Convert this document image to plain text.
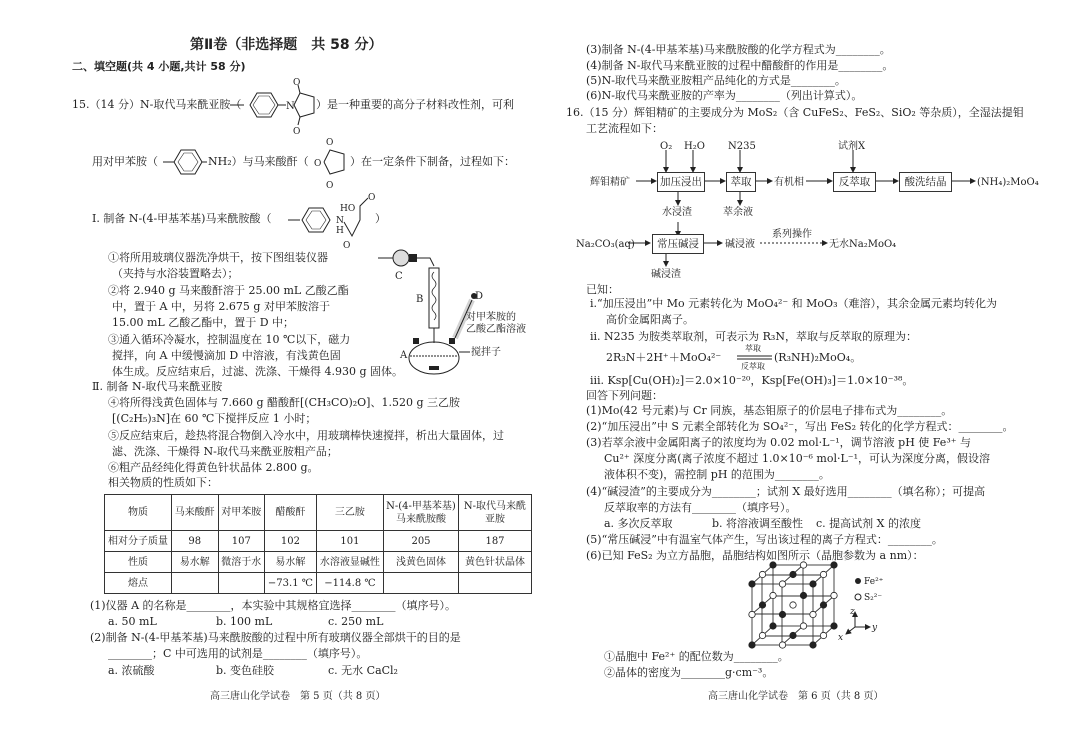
第Ⅱ卷（非选择题　共 58 分）
二、填空题(共 4 小题,共计 58 分)
15.（14 分）N-取代马来酰亚胺（	N
O
O
）是一种重要的高分子材料改性剂，可利
用对甲苯胺（	O
O
O
NH₂）与马来酸酐（	）在一定条件下制备，过程如下：
Ⅰ. 制备 N-(4-甲基苯基)马来酰胺酸（	N
H
HO
O
O
）
①将所用玻璃仪器洗净烘干，按下图组装仪器
（夹持与水浴装置略去）；
②将 2.940 g 马来酸酐溶于 25.00 mL 乙酸乙酯
中，置于 A 中，另将 2.675 g 对甲苯胺溶于
15.00 mL 乙酸乙酯中，置于 D 中；
③通入循环冷凝水，控制温度在 10 ℃以下，磁力
搅拌，向 A 中缓慢滴加 D 中溶液，有浅黄色固
体生成。反应结束后，过滤、洗涤、干燥得 4.930 g 固体。
C
B	D
对甲苯胺的
乙酸乙酯溶液
A	搅拌子
Ⅱ. 制备 N-取代马来酰亚胺
④将所得浅黄色固体与 7.660 g 醋酸酐[(CH₃CO)₂O]、1.520 g 三乙胺
[(C₂H₅)₃N]在 60 ℃下搅拌反应 1 小时；
⑤反应结束后，趁热将混合物倒入冷水中，用玻璃棒快速搅拌，析出大量固体，过
滤、洗涤、干燥得 N-取代马来酰亚胺粗产品；
⑥粗产品经纯化得黄色针状晶体 2.800 g。
相关物质的性质如下：
物质	马来酸酐	对甲苯胺	醋酸酐	三乙胺	N-(4-甲基苯基)马来酰胺酸	N-取代马来酰亚胺
相对分子质量	98	107	102	101	205	187
性质	易水解	微溶于水	易水解	水溶液显碱性	浅黄色固体	黄色针状晶体
熔点			−73.1 ℃	−114.8 ℃		
(1)仪器 A 的名称是________，本实验中其规格宜选择________（填序号）。
a. 50 mL	b. 100 mL	c. 250 mL
(2)制备 N-(4-甲基苯基)马来酰胺酸的过程中所有玻璃仪器全部烘干的目的是
________；C 中可选用的试剂是________（填序号）。
a. 浓硫酸	b. 变色硅胶	c. 无水 CaCl₂
高三唐山化学试卷　第 5 页（共 8 页）
(3)制备 N-(4-甲基苯基)马来酰胺酸的化学方程式为________。
(4)制备 N-取代马来酰亚胺的过程中醋酸酐的作用是________。
(5)N-取代马来酰亚胺粗产品纯化的方式是________。
(6)N-取代马来酰亚胺的产率为________（列出计算式）。
16.（15 分）辉钼精矿的主要成分为 MoS₂（含 CuFeS₂、FeS₂、SiO₂ 等杂质），全湿法提钼
工艺流程如下：
O₂ H₂O N235	试剂X
辉钼精矿	有机相	(NH₄)₂MoO₄
水浸渣	萃余液
Na₂CO₃(aq)	碱浸液
系列操作
无水Na₂MoO₄
碱浸渣
加压浸出	萃取	反萃取	酸洗结晶
常压碱浸
已知：
ⅰ.“加压浸出”中 Mo 元素转化为 MoO₄²⁻ 和 MoO₃（难溶），其余金属元素均转化为
高价金属阳离子。
ⅱ. N235 为胺类萃取剂，可表示为 R₃N，萃取与反萃取的原理为：
2R₃N＋2H⁺＋MoO₄²⁻
萃取
反萃取
(R₃NH)₂MoO₄。
ⅲ. Ksp[Cu(OH)₂]＝2.0×10⁻²⁰，Ksp[Fe(OH)₃]＝1.0×10⁻³⁸。
回答下列问题：
(1)Mo(42 号元素)与 Cr 同族，基态钼原子的价层电子排布式为________。
(2)“加压浸出”中 S 元素全部转化为 SO₄²⁻，写出 FeS₂ 转化的化学方程式：________。
(3)若萃余液中金属阳离子的浓度均为 0.02 mol·L⁻¹，调节溶液 pH 使 Fe³⁺ 与
Cu²⁺ 深度分离(离子浓度不超过 1.0×10⁻⁶ mol·L⁻¹，可认为深度分离，假设溶
液体积不变)，需控制 pH 的范围为________。
(4)“碱浸渣”的主要成分为________；试剂 X 最好选用________（填名称）；可提高
反萃取率的方法有________（填序号）。
a. 多次反萃取	b. 将溶液调至酸性 c. 提高试剂 X 的浓度
(5)“常压碱浸”中有温室气体产生，写出该过程的离子方程式：________。
(6)已知 FeS₂ 为立方晶胞，晶胞结构如图所示（晶胞参数为 a nm）：
Fe²⁺
S₂²⁻
z
y
x
①晶胞中 Fe²⁺ 的配位数为________。
②晶体的密度为________g·cm⁻³。
高三唐山化学试卷　第 6 页（共 8 页）
